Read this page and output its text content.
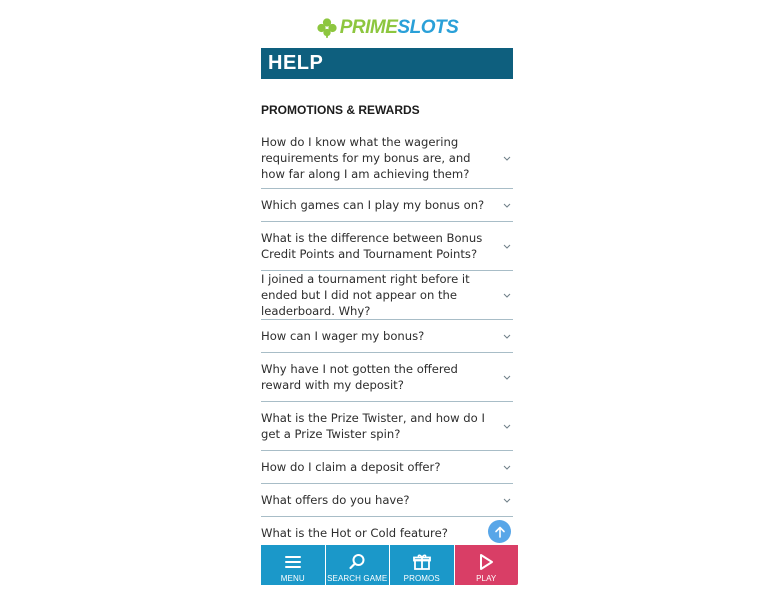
PRIME SLOTS
HELP
PROMOTIONS & REWARDS
How do I know what the wagering requirements for my bonus are, and how far along I am achieving them?
Which games can I play my bonus on?
What is the difference between Bonus Credit Points and Tournament Points?
I joined a tournament right before it ended but I did not appear on the leaderboard. Why?
How can I wager my bonus?
Why have I not gotten the offered reward with my deposit?
What is the Prize Twister, and how do I get a Prize Twister spin?
How do I claim a deposit offer?
What offers do you have?
What is the Hot or Cold feature?
MENU	SEARCH GAME PROMOS	PLAY
